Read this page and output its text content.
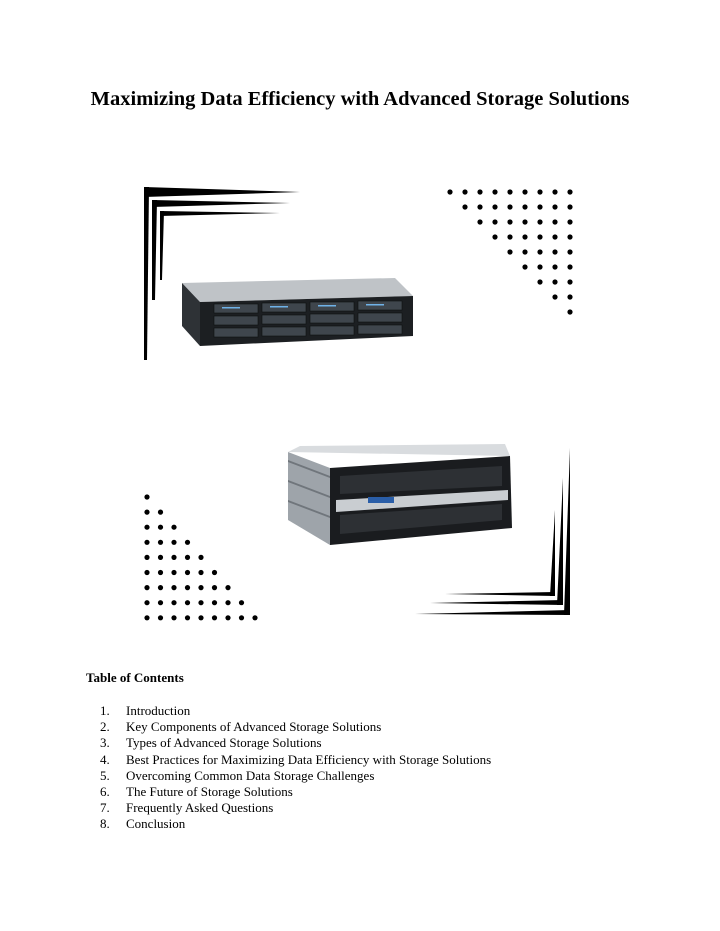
Maximizing Data Efficiency with Advanced Storage Solutions
Table of Contents
1.	Introduction
2.	Key Components of Advanced Storage Solutions
3.	Types of Advanced Storage Solutions
4.	Best Practices for Maximizing Data Efficiency with Storage Solutions
5.	Overcoming Common Data Storage Challenges
6.	The Future of Storage Solutions
7.	Frequently Asked Questions
8.	Conclusion
